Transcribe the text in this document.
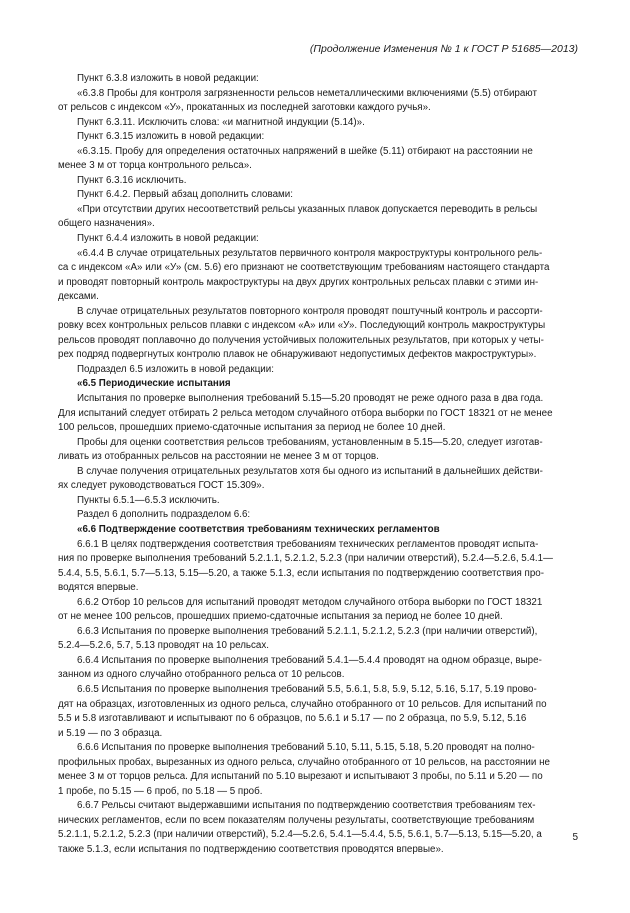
(Продолжение Изменения № 1 к ГОСТ Р 51685—2013)
Пункт 6.3.8 изложить в новой редакции:
«6.3.8 Пробы для контроля загрязненности рельсов неметаллическими включениями (5.5) отбирают
от рельсов с индексом «У», прокатанных из последней заготовки каждого ручья».
Пункт 6.3.11. Исключить слова: «и магнитной индукции (5.14)».
Пункт 6.3.15 изложить в новой редакции:
«6.3.15. Пробу для определения остаточных напряжений в шейке (5.11) отбирают на расстоянии не
менее 3 м от торца контрольного рельса».
Пункт 6.3.16 исключить.
Пункт 6.4.2. Первый абзац дополнить словами:
«При отсутствии других несоответствий рельсы указанных плавок допускается переводить в рельсы
общего назначения».
Пункт 6.4.4 изложить в новой редакции:
«6.4.4 В случае отрицательных результатов первичного контроля макроструктуры контрольного рель-
са с индексом «А» или «У» (см. 5.6) его признают не соответствующим требованиям настоящего стандарта
и проводят повторный контроль макроструктуры на двух других контрольных рельсах плавки с этими ин-
дексами.
В случае отрицательных результатов повторного контроля проводят поштучный контроль и рассорти-
ровку всех контрольных рельсов плавки с индексом «А» или «У». Последующий контроль макроструктуры
рельсов проводят поплавочно до получения устойчивых положительных результатов, при которых у четы-
рех подряд подвергнутых контролю плавок не обнаруживают недопустимых дефектов макроструктуры».
Подраздел 6.5 изложить в новой редакции:
«6.5 Периодические испытания
Испытания по проверке выполнения требований 5.15—5.20 проводят не реже одного раза в два года.
Для испытаний следует отбирать 2 рельса методом случайного отбора выборки по ГОСТ 18321 от не менее
100 рельсов, прошедших приемо-сдаточные испытания за период не более 10 дней.
Пробы для оценки соответствия рельсов требованиям, установленным в 5.15—5.20, следует изготав-
ливать из отобранных рельсов на расстоянии не менее 3 м от торцов.
В случае получения отрицательных результатов хотя бы одного из испытаний в дальнейших действи-
ях следует руководствоваться ГОСТ 15.309».
Пункты 6.5.1—6.5.3 исключить.
Раздел 6 дополнить подразделом 6.6:
«6.6 Подтверждение соответствия требованиям технических регламентов
6.6.1 В целях подтверждения соответствия требованиям технических регламентов проводят испыта-
ния по проверке выполнения требований 5.2.1.1, 5.2.1.2, 5.2.3 (при наличии отверстий), 5.2.4—5.2.6, 5.4.1—
5.4.4, 5.5, 5.6.1, 5.7—5.13, 5.15—5.20, а также 5.1.3, если испытания по подтверждению соответствия про-
водятся впервые.
6.6.2 Отбор 10 рельсов для испытаний проводят методом случайного отбора выборки по ГОСТ 18321
от не менее 100 рельсов, прошедших приемо-сдаточные испытания за период не более 10 дней.
6.6.3 Испытания по проверке выполнения требований 5.2.1.1, 5.2.1.2, 5.2.3 (при наличии отверстий),
5.2.4—5.2.6, 5.7, 5.13 проводят на 10 рельсах.
6.6.4 Испытания по проверке выполнения требований 5.4.1—5.4.4 проводят на одном образце, выре-
занном из одного случайно отобранного рельса от 10 рельсов.
6.6.5 Испытания по проверке выполнения требований 5.5, 5.6.1, 5.8, 5.9, 5.12, 5.16, 5.17, 5.19 прово-
дят на образцах, изготовленных из одного рельса, случайно отобранного от 10 рельсов. Для испытаний по
5.5 и 5.8 изготавливают и испытывают по 6 образцов, по 5.6.1 и 5.17 — по 2 образца, по 5.9, 5.12, 5.16
и 5.19 — по 3 образца.
6.6.6 Испытания по проверке выполнения требований 5.10, 5.11, 5.15, 5.18, 5.20 проводят на полно-
профильных пробах, вырезанных из одного рельса, случайно отобранного от 10 рельсов, на расстоянии не
менее 3 м от торцов рельса. Для испытаний по 5.10 вырезают и испытывают 3 пробы, по 5.11 и 5.20 — по
1 пробе, по 5.15 — 6 проб, по 5.18 — 5 проб.
6.6.7 Рельсы считают выдержавшими испытания по подтверждению соответствия требованиям тех-
нических регламентов, если по всем показателям получены результаты, соответствующие требованиям
5.2.1.1, 5.2.1.2, 5.2.3 (при наличии отверстий), 5.2.4—5.2.6, 5.4.1—5.4.4, 5.5, 5.6.1, 5.7—5.13, 5.15—5.20, а
также 5.1.3, если испытания по подтверждению соответствия проводятся впервые».
5
